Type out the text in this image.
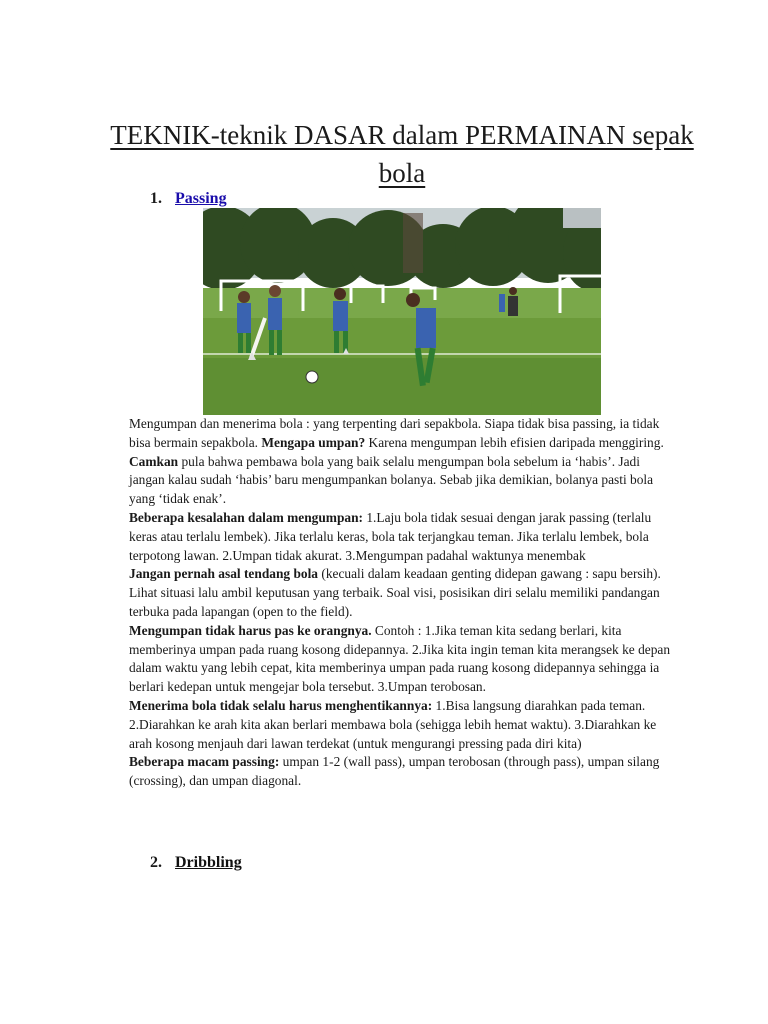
TEKNIK-teknik DASAR dalam PERMAINAN sepak bola
1. Passing

Mengumpan dan menerima bola : yang terpenting dari sepakbola. Siapa tidak bisa passing, ia tidak bisa bermain sepakbola. Mengapa umpan? Karena mengumpan lebih efisien daripada menggiring. Camkan pula bahwa pembawa bola yang baik selalu mengumpan bola sebelum ia ‘habis’. Jadi jangan kalau sudah ‘habis’ baru mengumpankan bolanya. Sebab jika demikian, bolanya pasti bola yang ‘tidak enak’.

Beberapa kesalahan dalam mengumpan: 1.Laju bola tidak sesuai dengan jarak passing (terlalu keras atau terlalu lembek). Jika terlalu keras, bola tak terjangkau teman. Jika terlalu lembek, bola terpotong lawan. 2.Umpan tidak akurat. 3.Mengumpan padahal waktunya menembak

Jangan pernah asal tendang bola (kecuali dalam keadaan genting didepan gawang : sapu bersih). Lihat situasi lalu ambil keputusan yang terbaik. Soal visi, posisikan diri selalu memiliki pandangan terbuka pada lapangan (open to the field).

Mengumpan tidak harus pas ke orangnya. Contoh : 1.Jika teman kita sedang berlari, kita memberinya umpan pada ruang kosong didepannya. 2.Jika kita ingin teman kita merangsek ke depan dalam waktu yang lebih cepat, kita memberinya umpan pada ruang kosong didepannya sehingga ia berlari kedepan untuk mengejar bola tersebut. 3.Umpan terobosan.

Menerima bola tidak selalu harus menghentikannya: 1.Bisa langsung diarahkan pada teman. 2.Diarahkan ke arah kita akan berlari membawa bola (sehigga lebih hemat waktu). 3.Diarahkan ke arah kosong menjauh dari lawan terdekat (untuk mengurangi pressing pada diri kita)

Beberapa macam passing: umpan 1-2 (wall pass), umpan terobosan (through pass), umpan silang (crossing), dan umpan diagonal.

2. Dribbling
